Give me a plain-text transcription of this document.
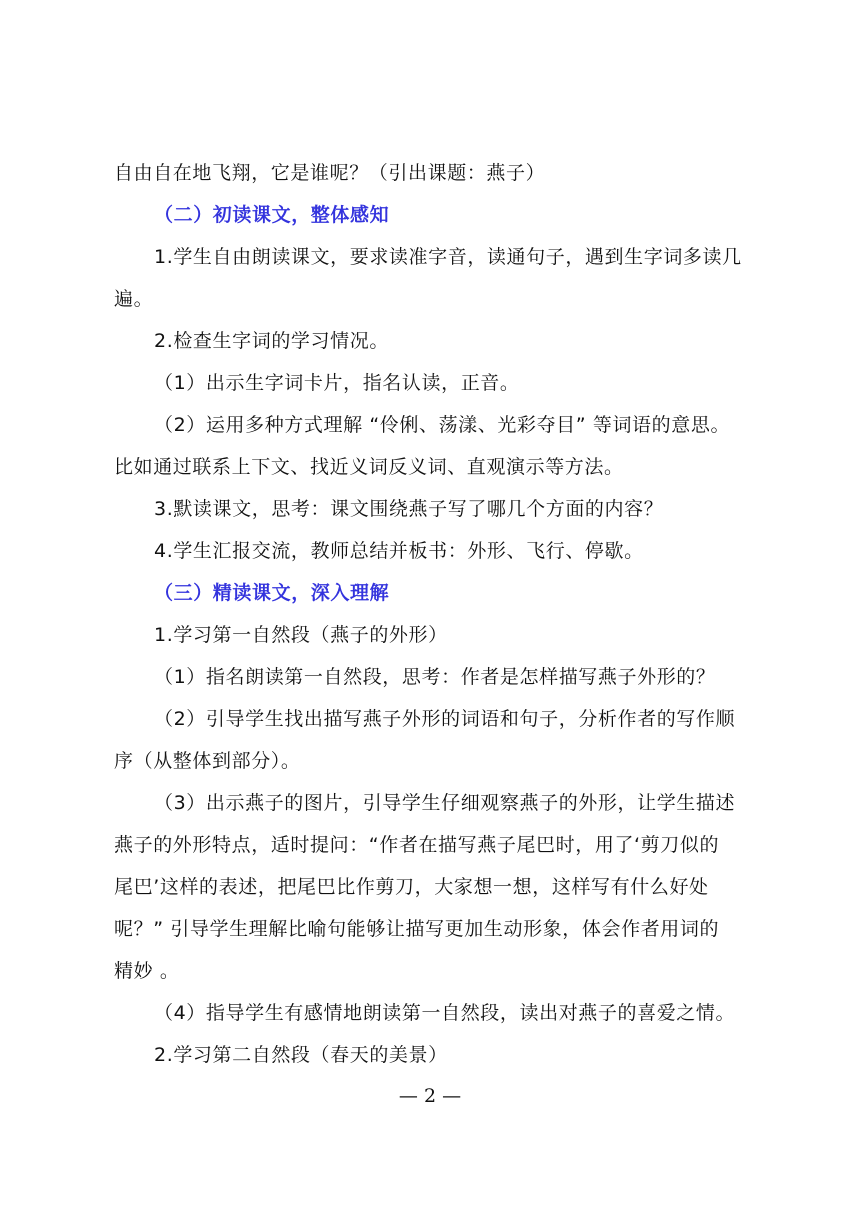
自由自在地飞翔，它是谁呢？（引出课题：燕子）
（二）初读课文，整体感知
1.学生自由朗读课文，要求读准字音，读通句子，遇到生字词多读几
遍。
2.检查生字词的学习情况。
（1）出示生字词卡片，指名认读，正音。
（2）运用多种方式理解 “伶俐、荡漾、光彩夺目” 等词语的意思。
比如通过联系上下文、找近义词反义词、直观演示等方法。
3.默读课文，思考：课文围绕燕子写了哪几个方面的内容？
4.学生汇报交流，教师总结并板书：外形、飞行、停歇。
（三）精读课文，深入理解
1.学习第一自然段（燕子的外形）
（1）指名朗读第一自然段，思考：作者是怎样描写燕子外形的？
（2）引导学生找出描写燕子外形的词语和句子，分析作者的写作顺
序（从整体到部分）。
（3）出示燕子的图片，引导学生仔细观察燕子的外形，让学生描述
燕子的外形特点，适时提问：“作者在描写燕子尾巴时，用了‘剪刀似的
尾巴’这样的表述，把尾巴比作剪刀，大家想一想，这样写有什么好处
呢？” 引导学生理解比喻句能够让描写更加生动形象，体会作者用词的
精妙 。
（4）指导学生有感情地朗读第一自然段，读出对燕子的喜爱之情。
2.学习第二自然段（春天的美景）
— 2 —
